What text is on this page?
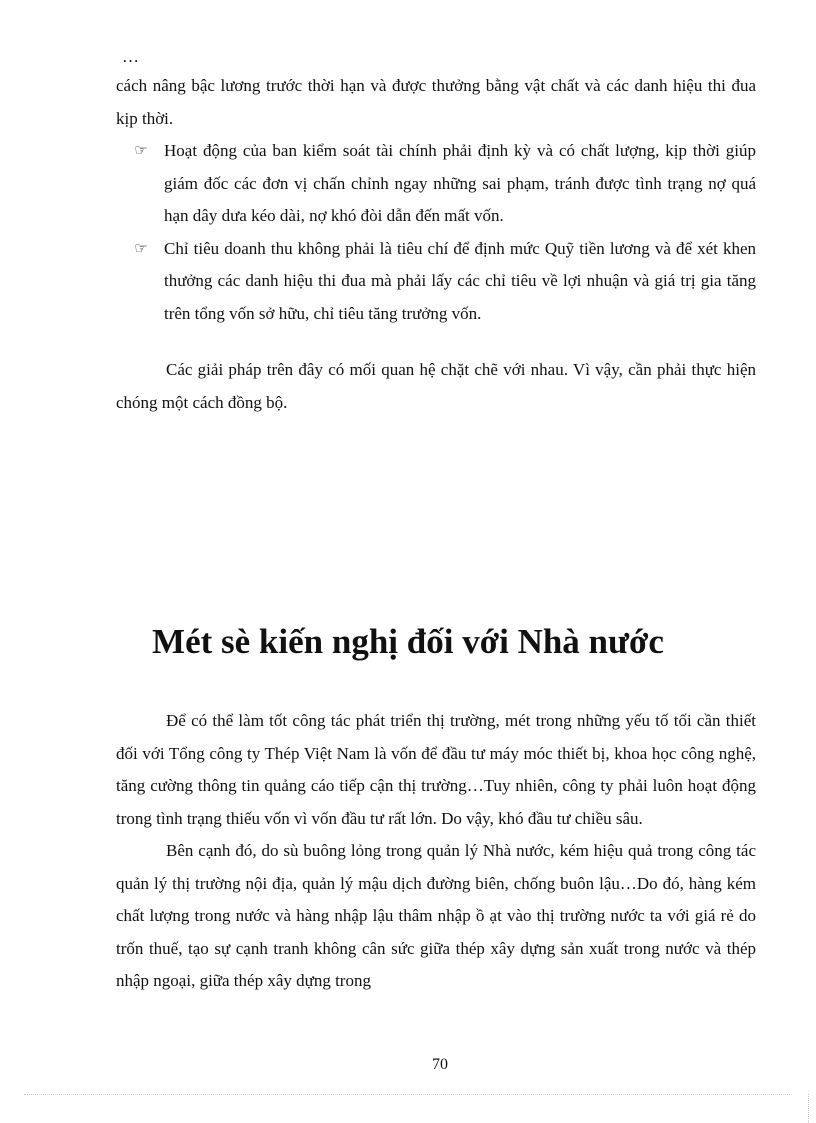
…
cách nâng bậc lương trước thời hạn và được thưởng bằng vật chất và các danh hiệu thi đua kịp thời.
☞ Hoạt động của ban kiểm soát tài chính phải định kỳ và có chất lượng, kịp thời giúp giám đốc các đơn vị chấn chỉnh ngay những sai phạm, tránh được tình trạng nợ quá hạn dây dưa kéo dài, nợ khó đòi dẫn đến mất vốn.
☞ Chỉ tiêu doanh thu không phải là tiêu chí để định mức Quỹ tiền lương và để xét khen thưởng các danh hiệu thi đua mà phải lấy các chỉ tiêu về lợi nhuận và giá trị gia tăng trên tổng vốn sở hữu, chỉ tiêu tăng trưởng vốn.
Các giải pháp trên đây có mối quan hệ chặt chẽ với nhau. Vì vậy, cần phải thực hiện chóng một cách đồng bộ.
Mét sè kiến nghị đối với Nhà nước
Để có thể làm tốt công tác phát triển thị trường, mét trong những yếu tố tối cần thiết đối với Tổng công ty Thép Việt Nam là vốn để đầu tư máy móc thiết bị, khoa học công nghệ, tăng cường thông tin quảng cáo tiếp cận thị trường…Tuy nhiên, công ty phải luôn hoạt động trong tình trạng thiếu vốn vì vốn đầu tư rất lớn. Do vậy, khó đầu tư chiều sâu.
Bên cạnh đó, do sù buông lỏng trong quản lý Nhà nước, kém hiệu quả trong công tác quản lý thị trường nội địa, quản lý mậu dịch đường biên, chống buôn lậu…Do đó, hàng kém chất lượng trong nước và hàng nhập lậu thâm nhập ồ ạt vào thị trường nước ta với giá rẻ do trốn thuế, tạo sự cạnh tranh không cân sức giữa thép xây dựng sản xuất trong nước và thép nhập ngoại, giữa thép xây dựng trong
70
